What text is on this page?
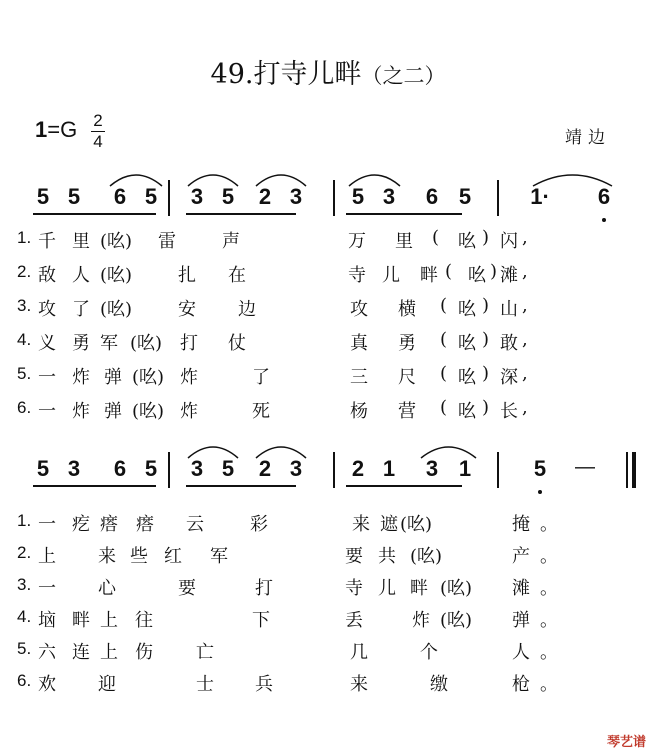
49.打寺儿畔（之二）
1=G 2
4	靖边
5 5 6 5 3 5 2 3 5 3 6 5	1· 6
5 3 6 5 3 5 2 3 2 1 3 1	5 —
1. 千 里 (吆) 雷	声	万 里 ( 吆 ) 闪 ,
2. 敌 人 (吆)	扎 在	寺 儿 畔 ( 吆 ) 滩 ,
3. 攻 了 (吆)	安 边	攻 横 ( 吆 ) 山 ,
4. 义 勇 军 (吆) 打 仗	真 勇 ( 吆 ) 敢 ,
5. 一 炸 弹 (吆) 炸	了	三 尺 ( 吆 ) 深 ,
6. 一 炸 弹 (吆) 炸	死	杨 营 ( 吆 ) 长 ,
1. 一 疙 瘩 瘩 云	彩	来 遮 (吆)	掩 。
2. 上 来 些 红 军	要 共 (吆)	产 。
3. 一 心	要	打	寺 儿 畔 (吆) 滩 。
4. 垴 畔 上 往	下	丢	炸 (吆) 弹 。
5. 六 连 上 伤 亡	几	个	人 。
6. 欢 迎	士 兵	来	缴	枪 。
琴艺谱
